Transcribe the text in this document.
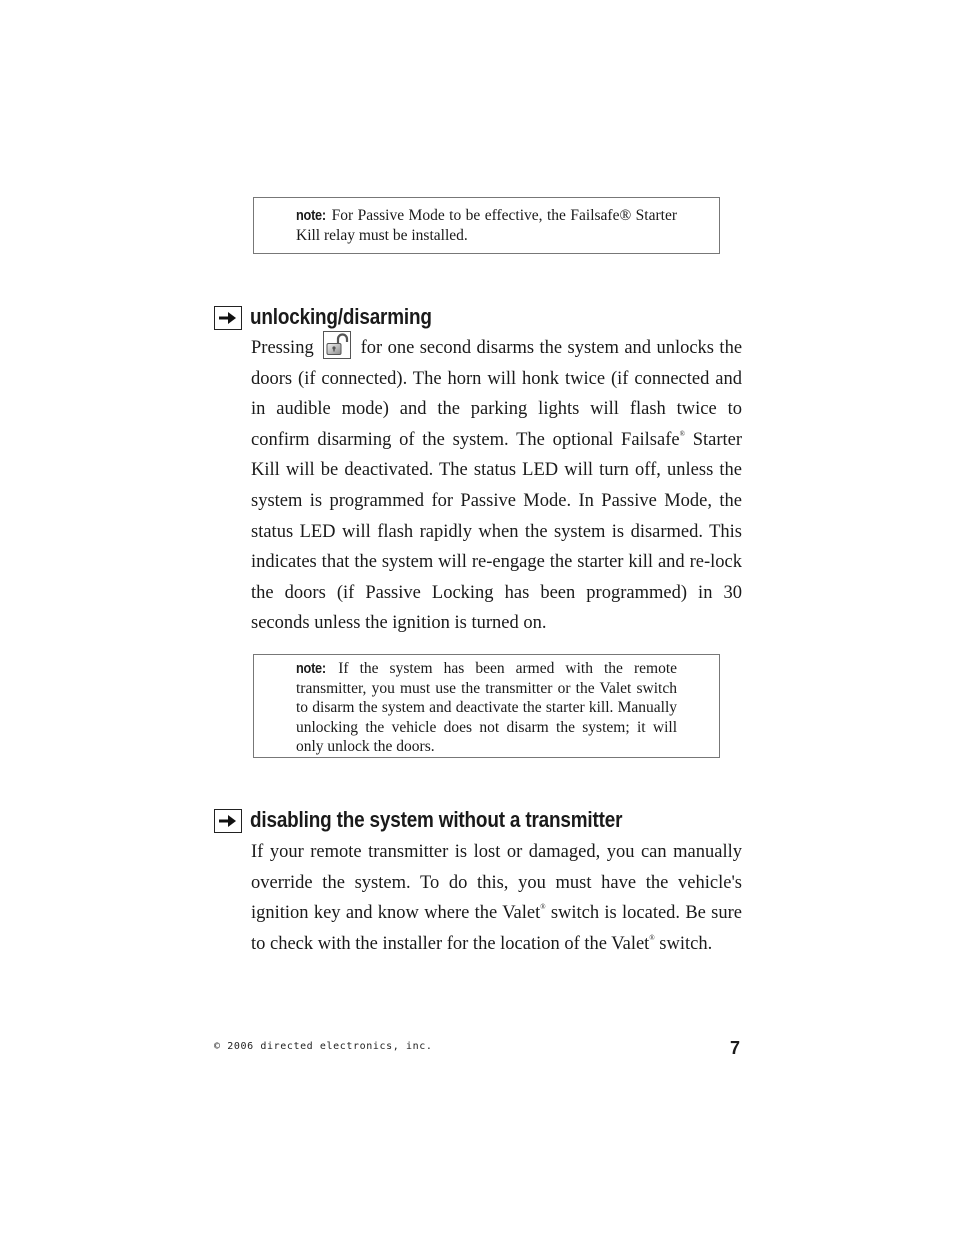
note: For Passive Mode to be effective, the Failsafe® Starter Kill relay must be installed.
unlocking/disarming
Pressing	for one second disarms the system and unlocks the doors (if connected). The horn will honk twice (if connected and in audible mode) and the parking lights will flash twice to confirm disarming of the system. The optional Failsafe® Starter Kill will be deactivated. The status LED will turn off, unless the system is programmed for Passive Mode. In Passive Mode, the status LED will flash rapidly when the system is disarmed. This indicates that the system will re-engage the starter kill and re-lock the doors (if Passive Locking has been programmed) in 30 seconds unless the ignition is turned on.
note: If the system has been armed with the remote transmitter, you must use the transmitter or the Valet switch to disarm the system and deactivate the starter kill. Manually unlocking the vehicle does not disarm the system; it will only unlock the doors.
disabling the system without a transmitter
If your remote transmitter is lost or damaged, you can manually override the system. To do this, you must have the vehicle's ignition key and know where the Valet® switch is located. Be sure to check with the installer for the location of the Valet® switch.
© 2006 directed electronics, inc.	7
